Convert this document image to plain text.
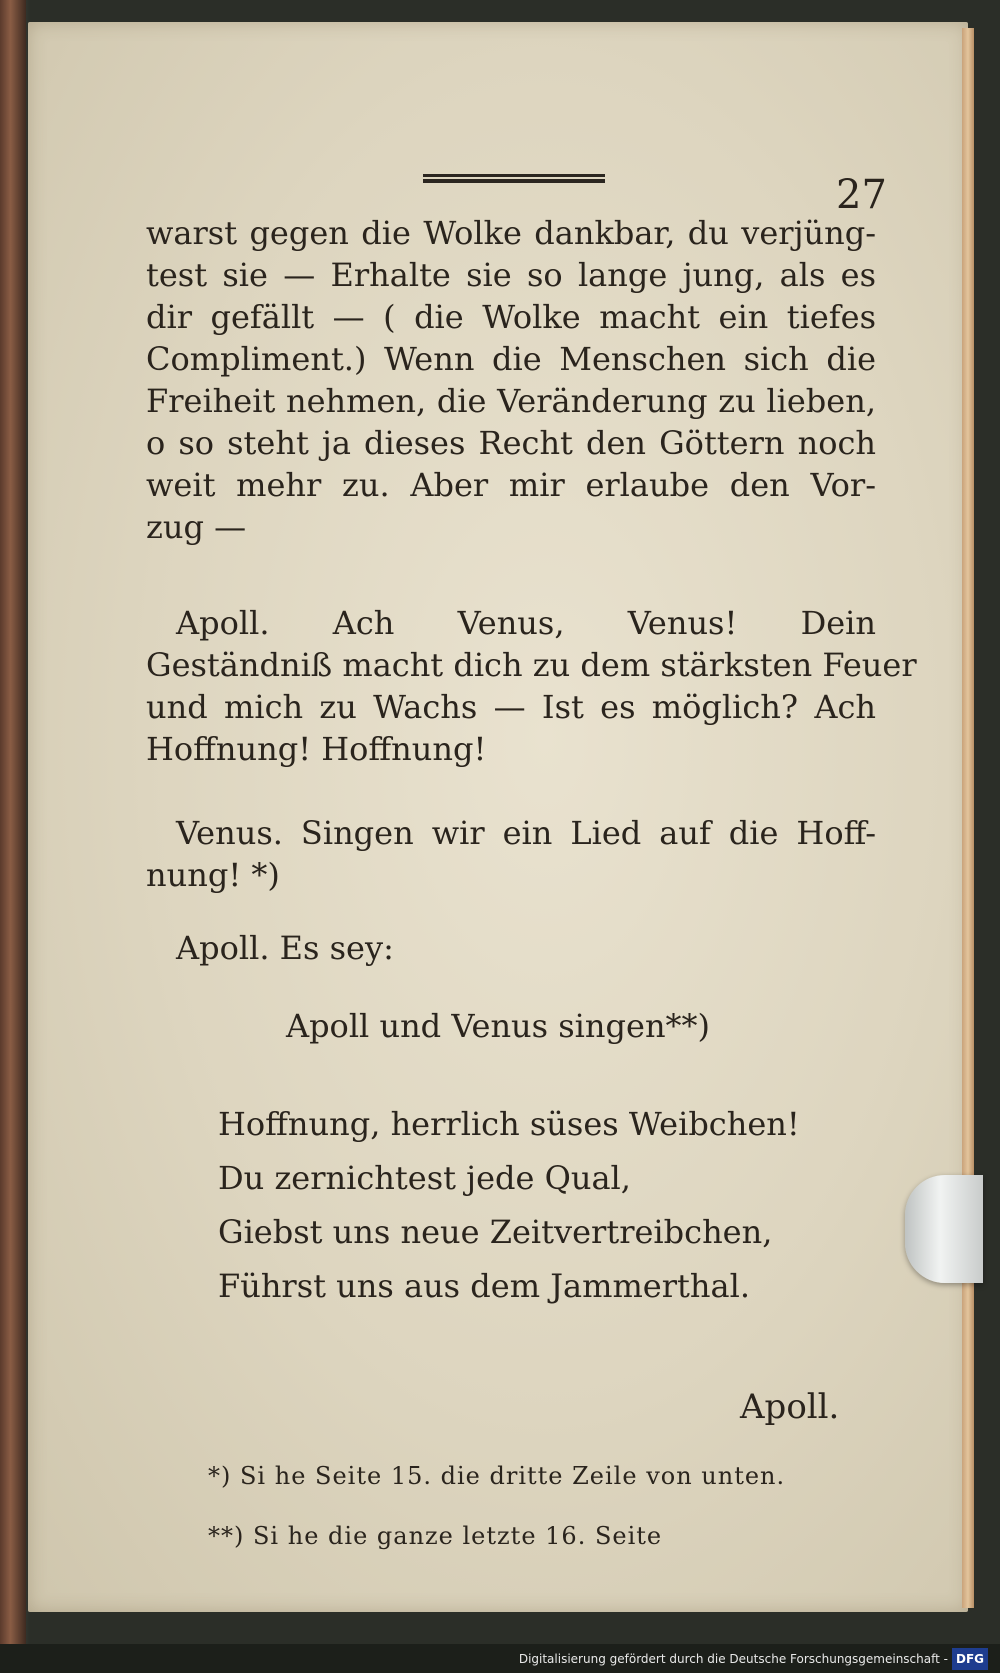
27
warst gegen die Wolke dankbar, du verjüng-
test sie — Erhalte sie so lange jung, als es
dir gefällt — ( die Wolke macht ein tiefes
Compliment.) Wenn die Menschen sich die
Freiheit nehmen, die Veränderung zu lieben,
o so steht ja dieses Recht den Göttern noch
weit mehr zu. Aber mir erlaube den Vor-
zug —
Apoll. Ach Venus, Venus! Dein
Geständniß macht dich zu dem stärksten Feuer
und mich zu Wachs — Ist es möglich? Ach
Hoffnung! Hoffnung!
Venus. Singen wir ein Lied auf die Hoff-
nung! *)
Apoll. Es sey:
Apoll und Venus singen**)
Hoffnung, herrlich süses Weibchen!
Du zernichtest jede Qual,
Giebst uns neue Zeitvertreibchen,
Führst uns aus dem Jammerthal.
Apoll.
*) Si he Seite 15. die dritte Zeile von unten.
**) Si he die ganze letzte 16. Seite
Digitalisierung gefördert durch die Deutsche Forschungsgemeinschaft - DFG
